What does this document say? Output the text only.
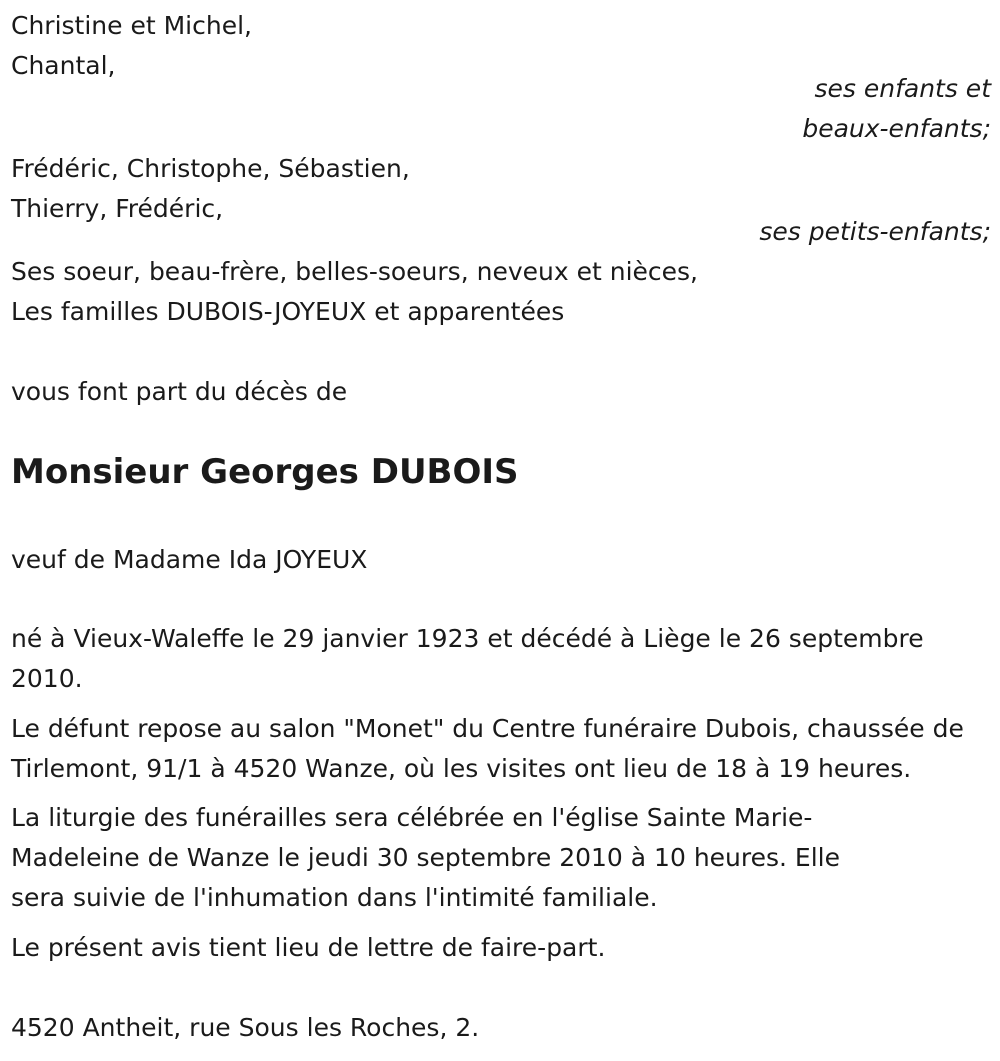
Christine et Michel,
Chantal,
ses enfants et
beaux-enfants;
Frédéric, Christophe, Sébastien,
Thierry, Frédéric,
ses petits-enfants;
Ses soeur, beau-frère, belles-soeurs, neveux et nièces,
Les familles DUBOIS-JOYEUX et apparentées
vous font part du décès de
Monsieur Georges DUBOIS
veuf de Madame Ida JOYEUX
né à Vieux-Waleffe le 29 janvier 1923 et décédé à Liège le 26 septembre 2010.
Le défunt repose au salon "Monet" du Centre funéraire Dubois, chaussée de Tirlemont, 91/1 à 4520 Wanze, où les visites ont lieu de 18 à 19 heures.
La liturgie des funérailles sera célébrée en l'église Sainte Marie-Madeleine de Wanze le jeudi 30 septembre 2010 à 10 heures. Elle sera suivie de l'inhumation dans l'intimité familiale.
Le présent avis tient lieu de lettre de faire-part.
4520 Antheit, rue Sous les Roches, 2.
